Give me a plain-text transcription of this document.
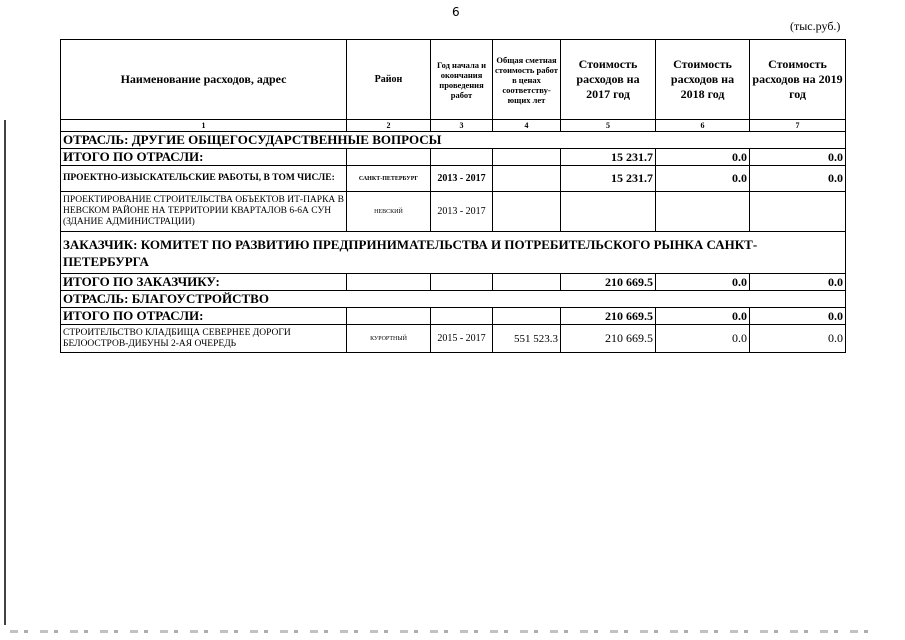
6
(тыс.руб.)
Наименование расходов, адрес	Район	Год начала и окончания проведения работ	Общая сметная стоимость работ в ценах соответству-ющих лет	Стоимость расходов на 2017 год	Стоимость расходов на 2018 год	Стоимость расходов на 2019 год
1	2	3	4	5	6	7
ОТРАСЛЬ: ДРУГИЕ ОБЩЕГОСУДАРСТВЕННЫЕ ВОПРОСЫ						
ИТОГО ПО ОТРАСЛИ:				15 231.7	0.0	0.0
ПРОЕКТНО-ИЗЫСКАТЕЛЬСКИЕ РАБОТЫ, В ТОМ ЧИСЛЕ:	САНКТ-ПЕТЕРБУРГ	2013 - 2017		15 231.7	0.0	0.0
ПРОЕКТИРОВАНИЕ СТРОИТЕЛЬСТВА ОБЪЕКТОВ ИТ-ПАРКА В НЕВСКОМ РАЙОНЕ НА ТЕРРИТОРИИ КВАРТАЛОВ 6-6А СУН (ЗДАНИЕ АДМИНИСТРАЦИИ)	НЕВСКИЙ	2013 - 2017				
ЗАКАЗЧИК: КОМИТЕТ ПО РАЗВИТИЮ ПРЕДПРИНИМАТЕЛЬСТВА И ПОТРЕБИТЕЛЬСКОГО РЫНКА САНКТ-ПЕТЕРБУРГА						
ИТОГО ПО ЗАКАЗЧИКУ:				210 669.5	0.0	0.0
ОТРАСЛЬ: БЛАГОУСТРОЙСТВО						
ИТОГО ПО ОТРАСЛИ:				210 669.5	0.0	0.0
СТРОИТЕЛЬСТВО КЛАДБИЩА СЕВЕРНЕЕ ДОРОГИ БЕЛООСТРОВ-ДИБУНЫ 2-АЯ ОЧЕРЕДЬ	КУРОРТНЫЙ	2015 - 2017	551 523.3	210 669.5	0.0	0.0
